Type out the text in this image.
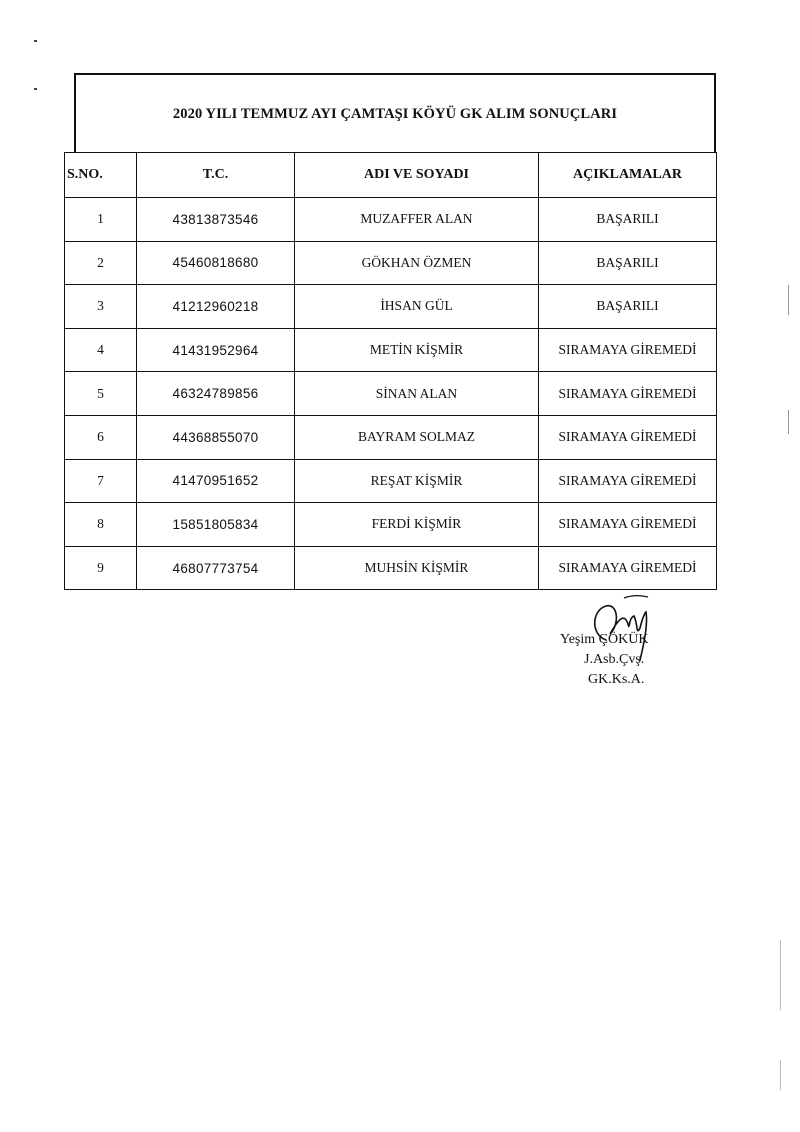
2020 YILI TEMMUZ AYI ÇAMTAŞI KÖYÜ GK ALIM SONUÇLARI
S.NO.	T.C.	ADI VE SOYADI	AÇIKLAMALAR
1	43813873546	MUZAFFER ALAN	BAŞARILI
2	45460818680	GÖKHAN ÖZMEN	BAŞARILI
3	41212960218	İHSAN GÜL	BAŞARILI
4	41431952964	METİN KİŞMİR	SIRAMAYA GİREMEDİ
5	46324789856	SİNAN ALAN	SIRAMAYA GİREMEDİ
6	44368855070	BAYRAM SOLMAZ	SIRAMAYA GİREMEDİ
7	41470951652	REŞAT KİŞMİR	SIRAMAYA GİREMEDİ
8	15851805834	FERDİ KİŞMİR	SIRAMAYA GİREMEDİ
9	46807773754	MUHSİN KİŞMİR	SIRAMAYA GİREMEDİ
Yeşim ÇÖKÜK
J.Asb.Çvş.
GK.Ks.A.
